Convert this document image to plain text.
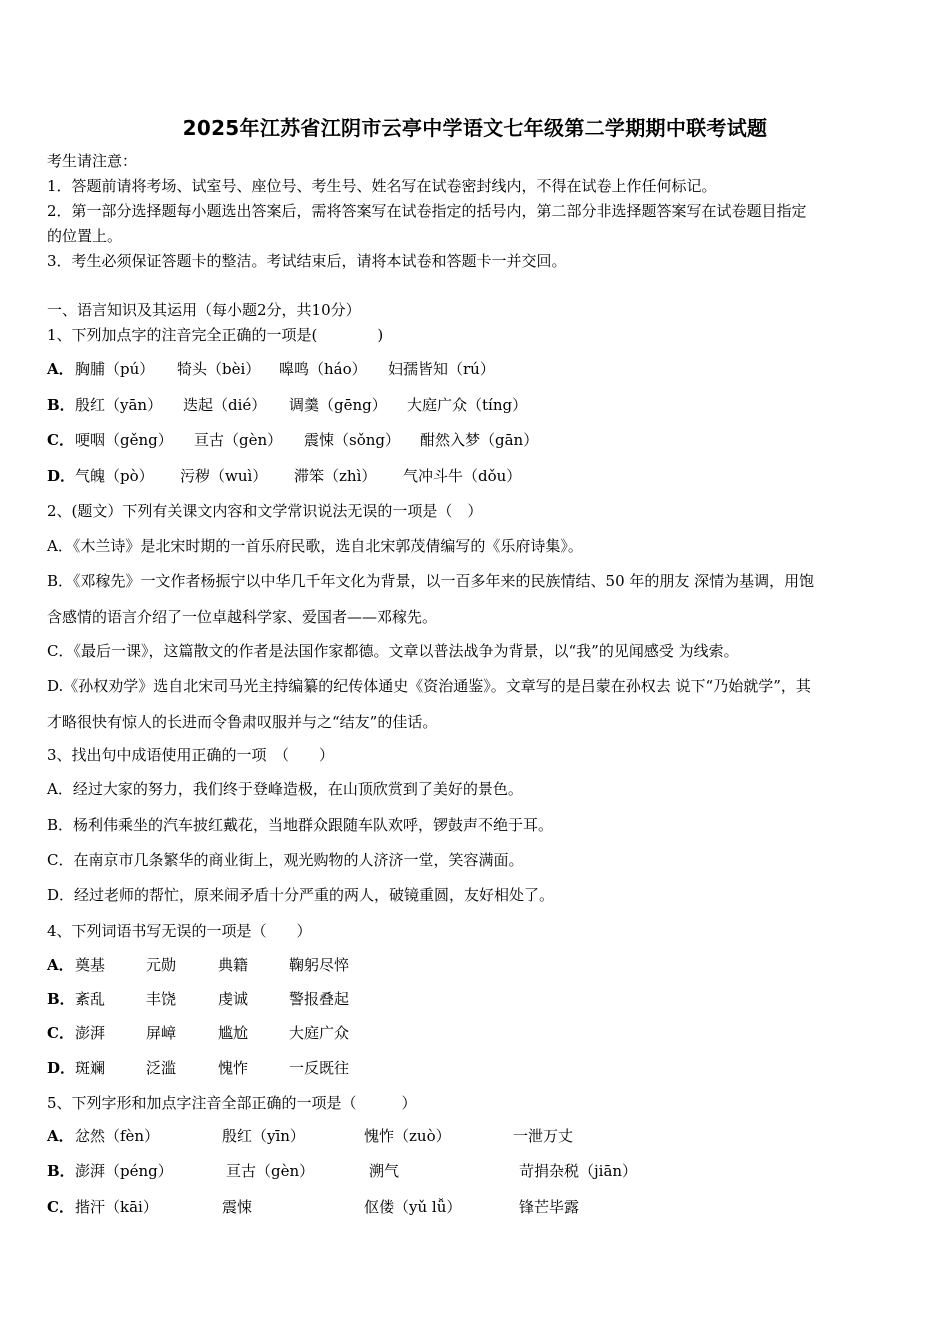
2025年江苏省江阴市云亭中学语文七年级第二学期期中联考试题
考生请注意：
1．答题前请将考场、试室号、座位号、考生号、姓名写在试卷密封线内，不得在试卷上作任何标记。
2．第一部分选择题每小题选出答案后，需将答案写在试卷指定的括号内，第二部分非选择题答案写在试卷题目指定
的位置上。
3．考生必须保证答题卡的整洁。考试结束后，请将本试卷和答题卡一并交回。
一、语言知识及其运用（每小题2分，共10分）
1、下列加点字的注音完全正确的一项是(　　　　)
A． 胸脯（pú） 犄头（bèi） 嗥鸣（háo） 妇孺皆知（rú）
B． 殷红（yān） 迭起（dié） 调羹（gēng） 大庭广众（tíng）
C． 哽咽（gěng） 亘古（gèn） 震悚（sǒng） 酣然入梦（gān）
D． 气魄（pò） 污秽（wuì） 滞笨（zhì） 气冲斗牛（dǒu）
2、(题文）下列有关课文内容和文学常识说法无误的一项是（　）
A．《木兰诗》是北宋时期的一首乐府民歌，选自北宋郭茂倩编写的《乐府诗集》。
B．《邓稼先》一文作者杨振宁以中华几千年文化为背景，以一百多年来的民族情结、50 年的朋友 深情为基调，用饱
含感情的语言介绍了一位卓越科学家、爱国者——邓稼先。
C．《最后一课》，这篇散文的作者是法国作家都德。文章以普法战争为背景，以“我”的见闻感受 为线索。
D.《孙权劝学》选自北宋司马光主持编纂的纪传体通史《资治通鉴》。文章写的是吕蒙在孙权去 说下“乃始就学”，其
才略很快有惊人的长进而令鲁肃叹服并与之“结友”的佳话。
3、找出句中成语使用正确的一项　（　　）
A．经过大家的努力，我们终于登峰造极，在山顶欣赏到了美好的景色。
B．杨利伟乘坐的汽车披红戴花，当地群众跟随车队欢呼，锣鼓声不绝于耳。
C．在南京市几条繁华的商业街上，观光购物的人济济一堂，笑容满面。
D．经过老师的帮忙，原来闹矛盾十分严重的两人，破镜重圆，友好相处了。
4、下列词语书写无误的一项是（　　）
A． 奠基	元勋	典籍	鞠躬尽悴
B． 紊乱	丰饶	虔诚	警报叠起
C． 澎湃	屏嶂	尴尬	大庭广众
D． 斑斓	泛滥	愧怍	一反既往
5、下列字形和加点字注音全部正确的一项是（　　　）
A． 忿然（fèn）	殷红（yīn）	愧怍（zuò）	一泄万丈
B． 澎湃（péng）	亘古（gèn）	溯气	苛捐杂税（jiān）
C． 揩汗（kāi）	震悚	伛偻（yǔ lǚ）	锋芒毕露
